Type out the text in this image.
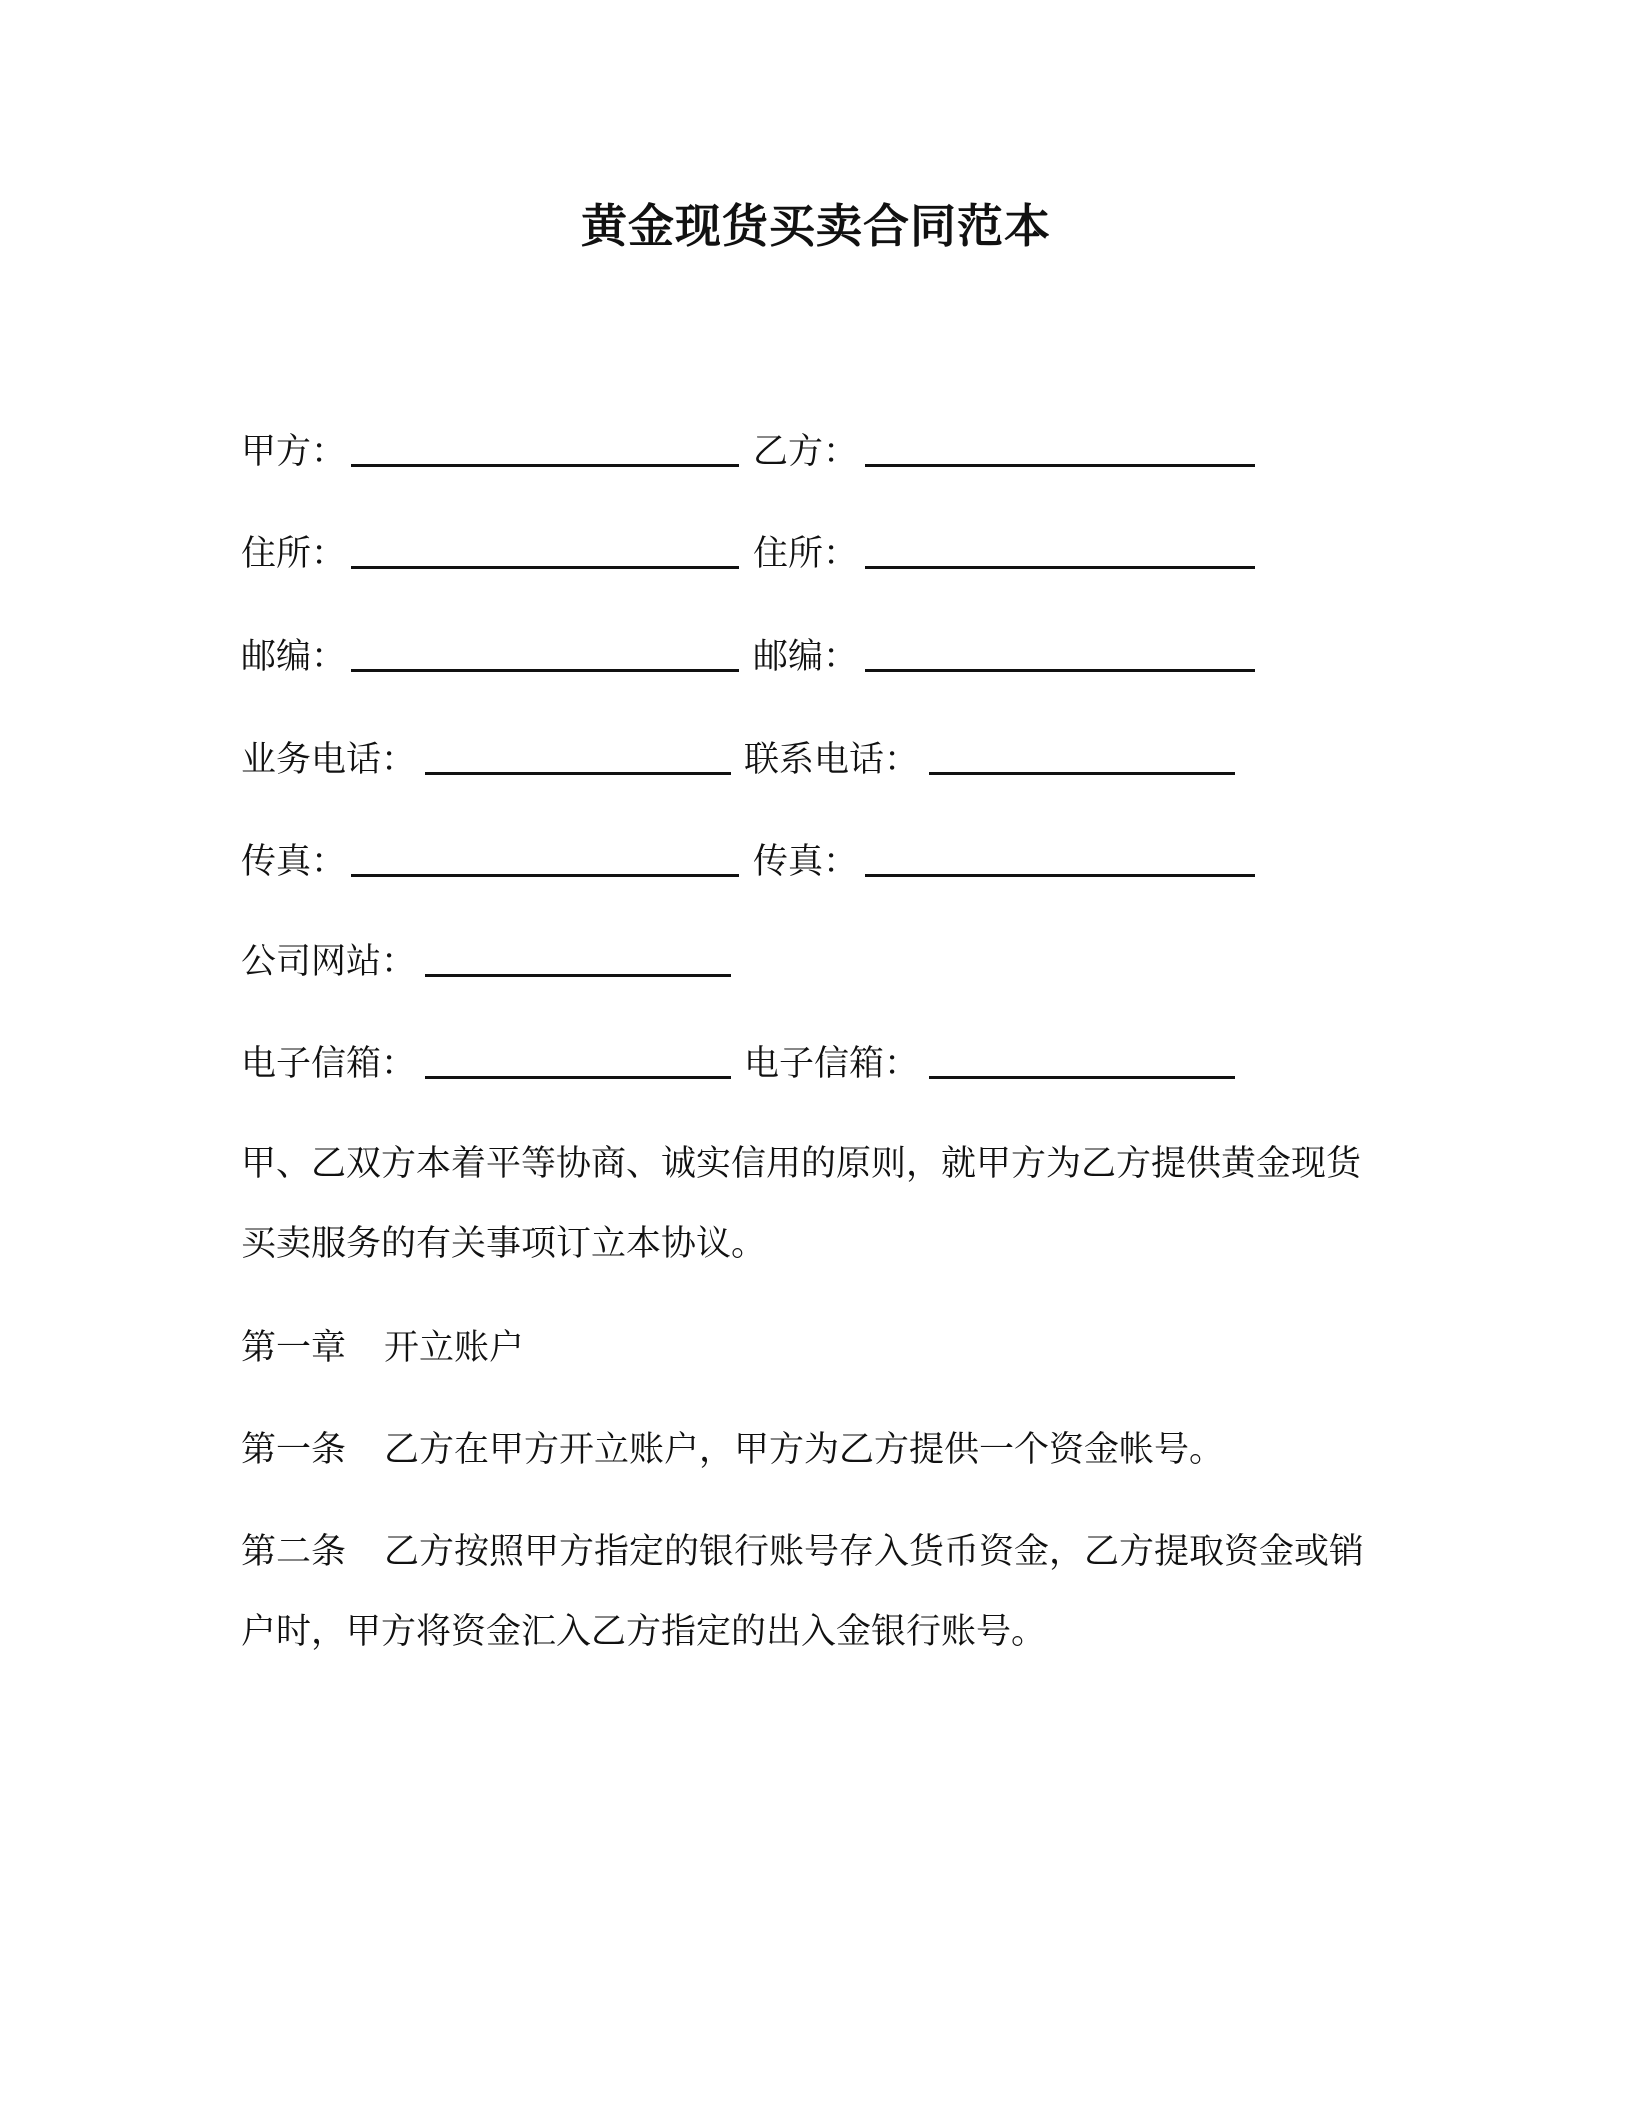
黄金现货买卖合同范本
甲方：	乙方：
住所：	住所：
邮编：	邮编：
业务电话：	联系电话：
传真：	传真：
公司网站：
电子信箱：	电子信箱：
甲、乙双方本着平等协商、诚实信用的原则，就甲方为乙方提供黄金现货买卖服务的有关事项订立本协议。
第一章 开立账户
第一条 乙方在甲方开立账户，甲方为乙方提供一个资金帐号。
第二条 乙方按照甲方指定的银行账号存入货币资金，乙方提取资金或销户时，甲方将资金汇入乙方指定的出入金银行账号。
